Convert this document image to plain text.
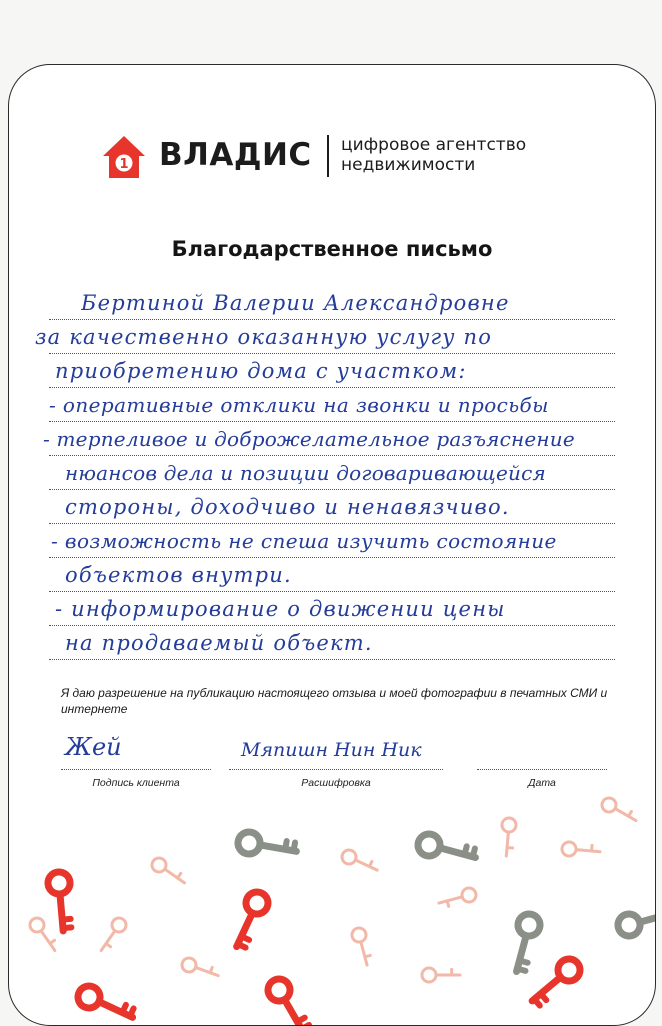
1 ВЛАДИС цифровое агентство
недвижимости
Благодарственное письмо
Бертиной Валерии Александровне
за качественно оказанную услугу по
приобретению дома с участком:
- оперативные отклики на звонки и просьбы
- терпеливое и доброжелательное разъяснение
нюансов дела и позиции договаривающейся
стороны, доходчиво и ненавязчиво.
- возможность не спеша изучить состояние
объектов внутри.
- информирование о движении цены
на продаваемый объект.
Я даю разрешение на публикацию настоящего отзыва и моей фотографии в печатных СМИ и интернете
Жей	Мяпишн Нин Ник
Подпись клиента	Расшифровка	Дата
